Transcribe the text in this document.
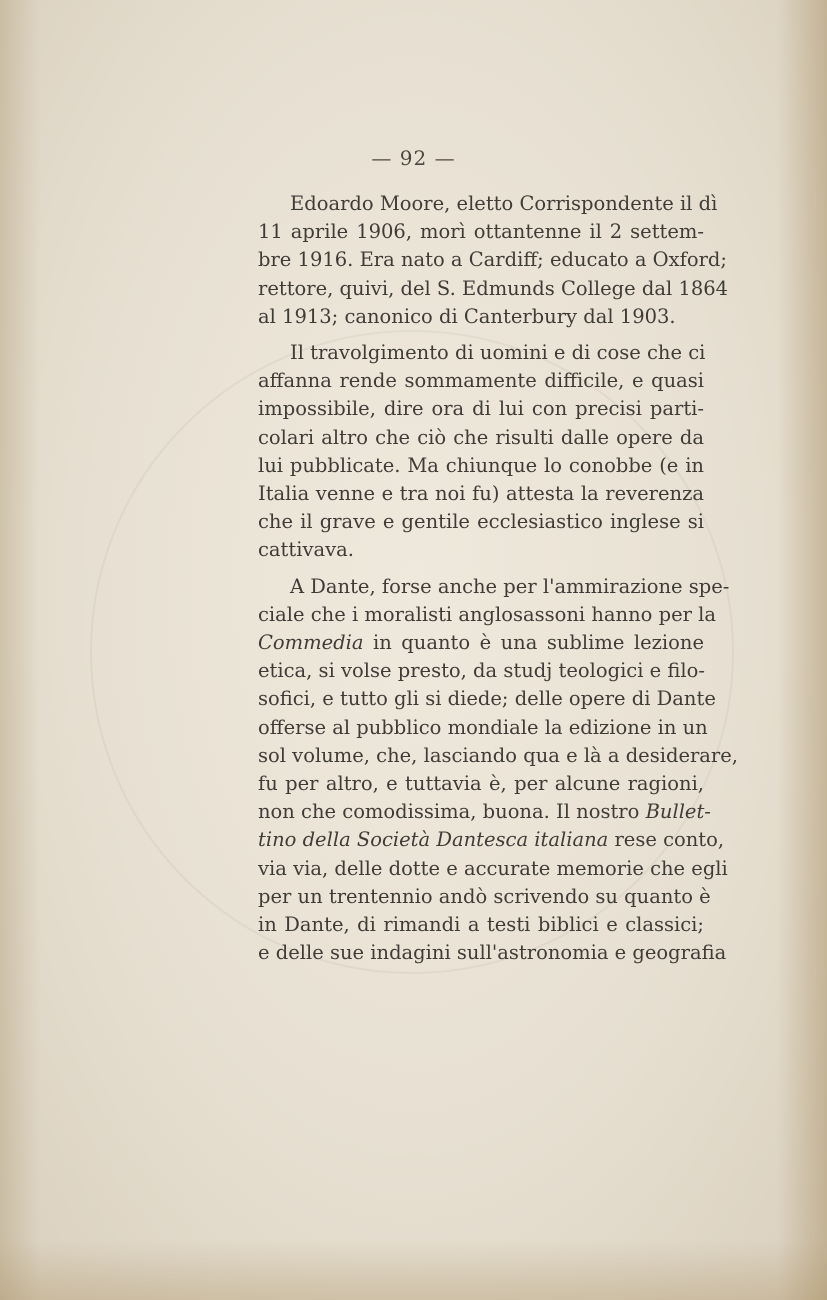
— 92 —
Edoardo Moore, eletto Corrispondente il dì
11 aprile 1906, morì ottantenne il 2 settem-
bre 1916. Era nato a Cardiff; educato a Oxford;
rettore, quivi, del S. Edmunds College dal 1864
al 1913; canonico di Canterbury dal 1903.
Il travolgimento di uomini e di cose che ci
affanna rende sommamente difficile, e quasi
impossibile, dire ora di lui con precisi parti-
colari altro che ciò che risulti dalle opere da
lui pubblicate. Ma chiunque lo conobbe (e in
Italia venne e tra noi fu) attesta la reverenza
che il grave e gentile ecclesiastico inglese si
cattivava.
A Dante, forse anche per l'ammirazione spe-
ciale che i moralisti anglosassoni hanno per la
Commedia in quanto è una sublime lezione
etica, si volse presto, da studj teologici e filo-
sofici, e tutto gli si diede; delle opere di Dante
offerse al pubblico mondiale la edizione in un
sol volume, che, lasciando qua e là a desiderare,
fu per altro, e tuttavia è, per alcune ragioni,
non che comodissima, buona. Il nostro Bullet-
tino della Società Dantesca italiana rese conto,
via via, delle dotte e accurate memorie che egli
per un trentennio andò scrivendo su quanto è
in Dante, di rimandi a testi biblici e classici;
e delle sue indagini sull'astronomia e geografia
